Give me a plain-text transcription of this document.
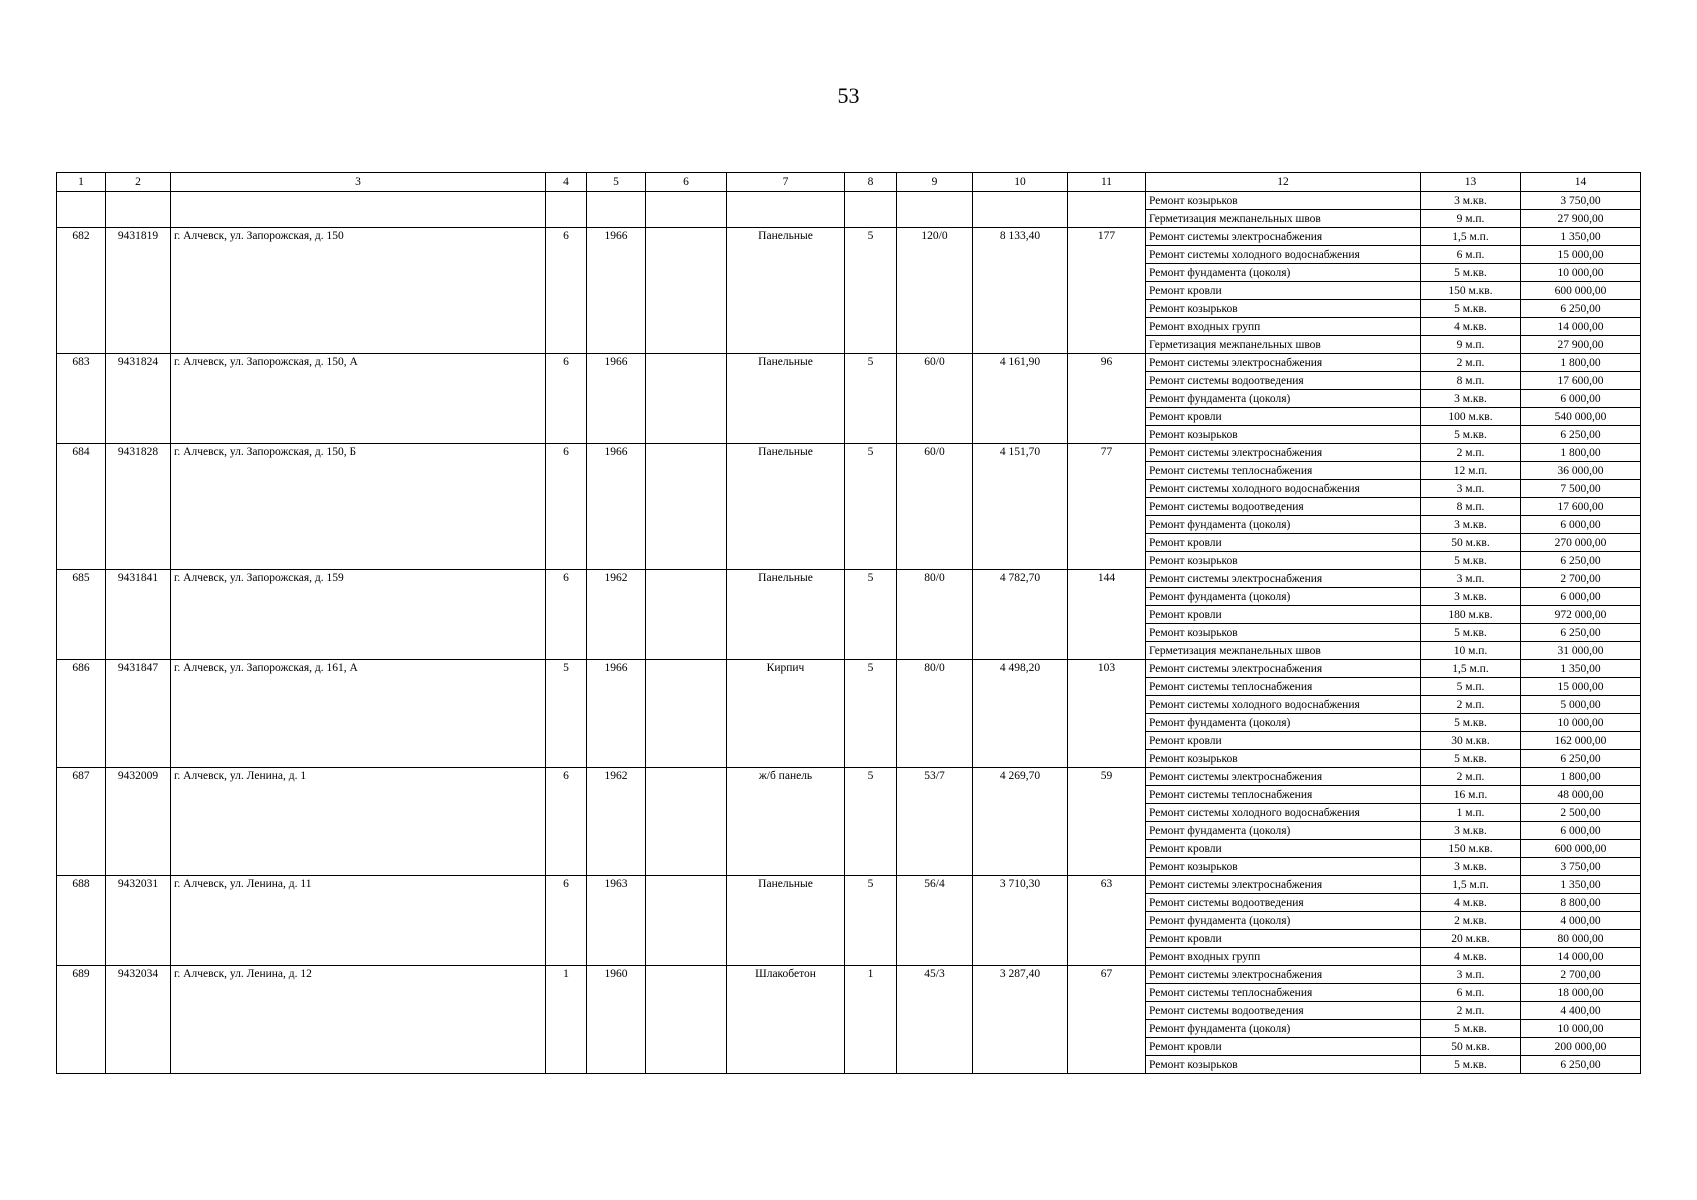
53
1	2	3	4	5	6	7	8	9	10	11	12	13	14
											Ремонт козырьков	3 м.кв.	3 750,00
											Герметизация межпанельных швов	9 м.п.	27 900,00
682	9431819	г. Алчевск, ул. Запорожская, д. 150	6	1966		Панельные	5	120/0	8 133,40	177	Ремонт системы электроснабжения	1,5 м.п.	1 350,00
											Ремонт системы холодного водоснабжения	6 м.п.	15 000,00
											Ремонт фундамента (цоколя)	5 м.кв.	10 000,00
											Ремонт кровли	150 м.кв.	600 000,00
											Ремонт козырьков	5 м.кв.	6 250,00
											Ремонт входных групп	4 м.кв.	14 000,00
											Герметизация межпанельных швов	9 м.п.	27 900,00
683	9431824	г. Алчевск, ул. Запорожская, д. 150, А	6	1966		Панельные	5	60/0	4 161,90	96	Ремонт системы электроснабжения	2 м.п.	1 800,00
											Ремонт системы водоотведения	8 м.п.	17 600,00
											Ремонт фундамента (цоколя)	3 м.кв.	6 000,00
											Ремонт кровли	100 м.кв.	540 000,00
											Ремонт козырьков	5 м.кв.	6 250,00
684	9431828	г. Алчевск, ул. Запорожская, д. 150, Б	6	1966		Панельные	5	60/0	4 151,70	77	Ремонт системы электроснабжения	2 м.п.	1 800,00
											Ремонт системы теплоснабжения	12 м.п.	36 000,00
											Ремонт системы холодного водоснабжения	3 м.п.	7 500,00
											Ремонт системы водоотведения	8 м.п.	17 600,00
											Ремонт фундамента (цоколя)	3 м.кв.	6 000,00
											Ремонт кровли	50 м.кв.	270 000,00
											Ремонт козырьков	5 м.кв.	6 250,00
685	9431841	г. Алчевск, ул. Запорожская, д. 159	6	1962		Панельные	5	80/0	4 782,70	144	Ремонт системы электроснабжения	3 м.п.	2 700,00
											Ремонт фундамента (цоколя)	3 м.кв.	6 000,00
											Ремонт кровли	180 м.кв.	972 000,00
											Ремонт козырьков	5 м.кв.	6 250,00
											Герметизация межпанельных швов	10 м.п.	31 000,00
686	9431847	г. Алчевск, ул. Запорожская, д. 161, А	5	1966		Кирпич	5	80/0	4 498,20	103	Ремонт системы электроснабжения	1,5 м.п.	1 350,00
											Ремонт системы теплоснабжения	5 м.п.	15 000,00
											Ремонт системы холодного водоснабжения	2 м.п.	5 000,00
											Ремонт фундамента (цоколя)	5 м.кв.	10 000,00
											Ремонт кровли	30 м.кв.	162 000,00
											Ремонт козырьков	5 м.кв.	6 250,00
687	9432009	г. Алчевск, ул. Ленина, д. 1	6	1962		ж/б панель	5	53/7	4 269,70	59	Ремонт системы электроснабжения	2 м.п.	1 800,00
											Ремонт системы теплоснабжения	16 м.п.	48 000,00
											Ремонт системы холодного водоснабжения	1 м.п.	2 500,00
											Ремонт фундамента (цоколя)	3 м.кв.	6 000,00
											Ремонт кровли	150 м.кв.	600 000,00
											Ремонт козырьков	3 м.кв.	3 750,00
688	9432031	г. Алчевск, ул. Ленина, д. 11	6	1963		Панельные	5	56/4	3 710,30	63	Ремонт системы электроснабжения	1,5 м.п.	1 350,00
											Ремонт системы водоотведения	4 м.кв.	8 800,00
											Ремонт фундамента (цоколя)	2 м.кв.	4 000,00
											Ремонт кровли	20 м.кв.	80 000,00
											Ремонт входных групп	4 м.кв.	14 000,00
689	9432034	г. Алчевск, ул. Ленина, д. 12	1	1960		Шлакобетон	1	45/3	3 287,40	67	Ремонт системы электроснабжения	3 м.п.	2 700,00
											Ремонт системы теплоснабжения	6 м.п.	18 000,00
											Ремонт системы водоотведения	2 м.п.	4 400,00
											Ремонт фундамента (цоколя)	5 м.кв.	10 000,00
											Ремонт кровли	50 м.кв.	200 000,00
											Ремонт козырьков	5 м.кв.	6 250,00
